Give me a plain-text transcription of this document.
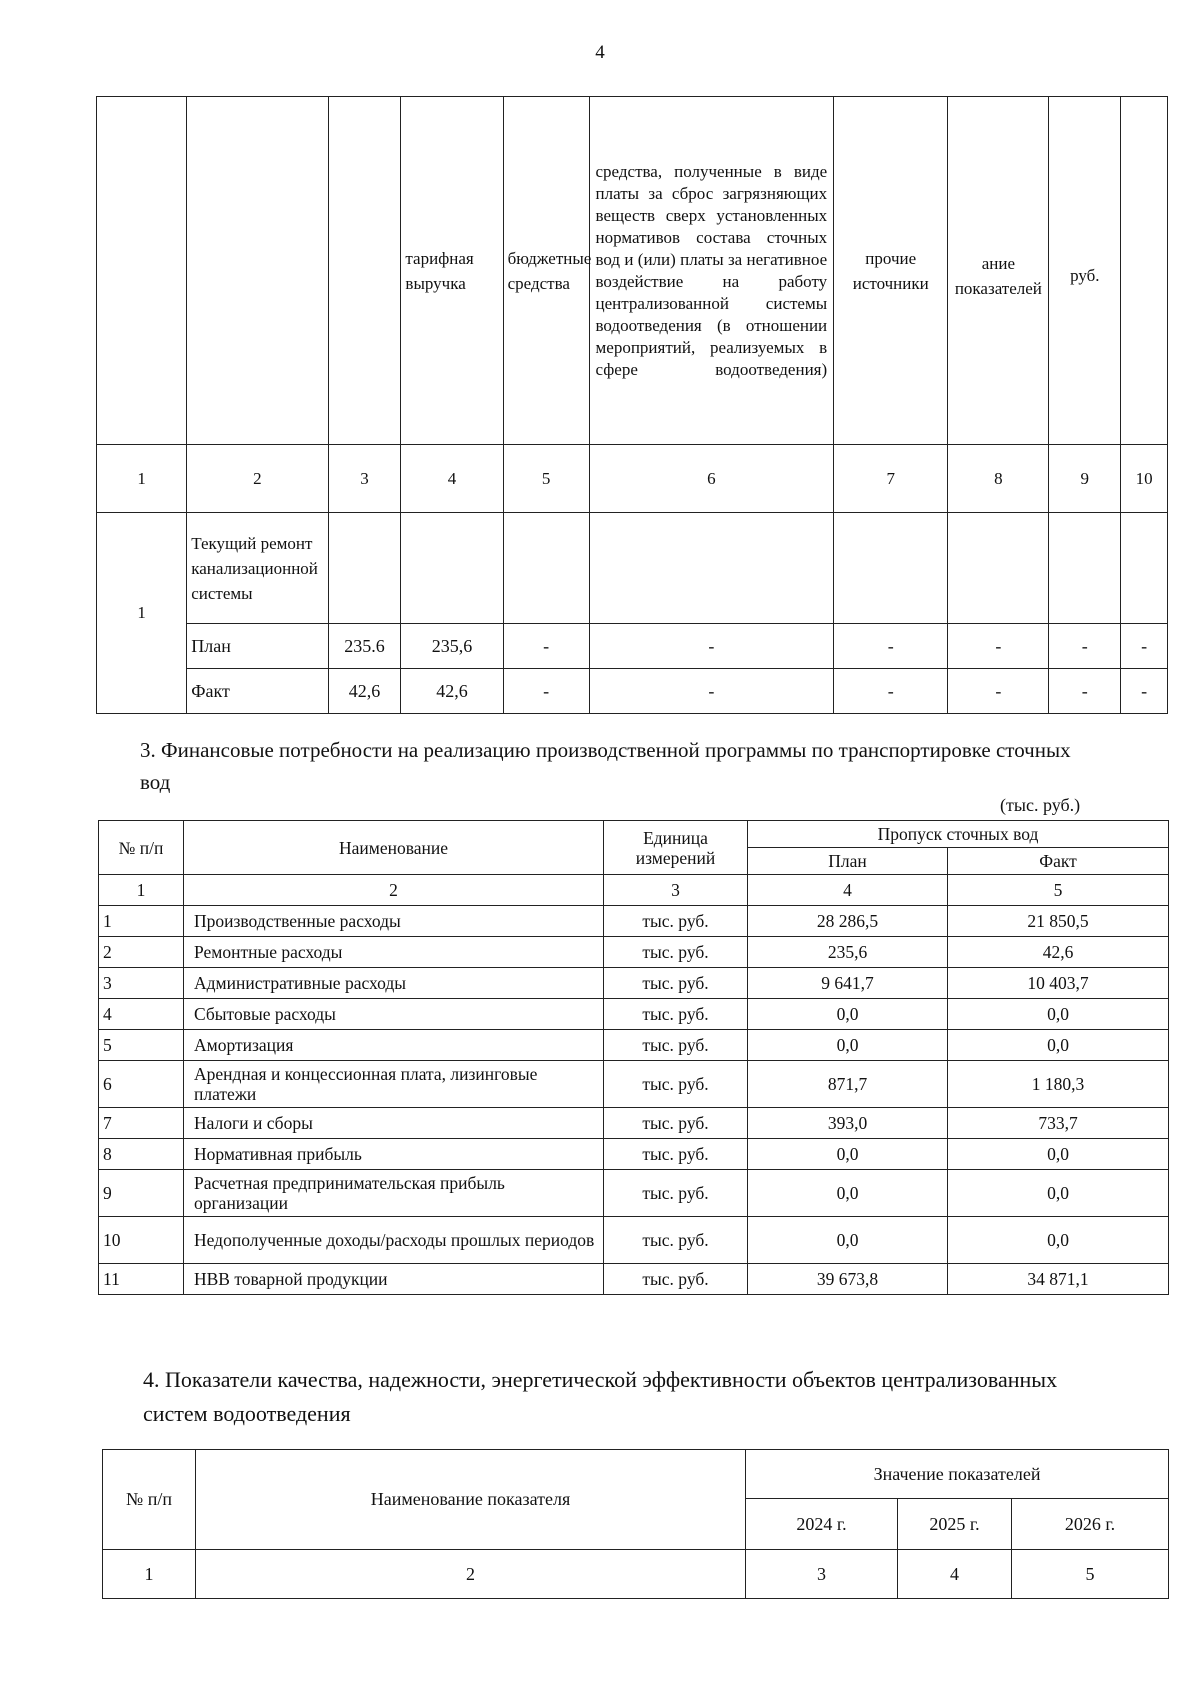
4
			тарифная выручка	бюджетные средства	средства, полученные в виде платы за сброс загрязняющих веществ сверх установленных нормативов состава сточных вод и (или) платы за негативное воздействие на работу централизованной системы водоотведения (в отношении мероприятий, реализуемых в сфере водоотведения)	прочие источники	ание показателей	руб.	
1	2	3	4	5	6	7	8	9	10
1	Текущий ремонт канализационной системы								
	План	235.6	235,6	-	-	-	-	-	-
	Факт	42,6	42,6	-	-	-	-	-	-
3. Финансовые потребности на реализацию производственной программы по транспортировке сточных вод
(тыс. руб.)
№ п/п	Наименование	Единица измерений	Пропуск сточных вод	
			План	Факт
1	2	3	4	5
1	Производственные расходы	тыс. руб.	28 286,5	21 850,5
2	Ремонтные расходы	тыс. руб.	235,6	42,6
3	Административные расходы	тыс. руб.	9 641,7	10 403,7
4	Сбытовые расходы	тыс. руб.	0,0	0,0
5	Амортизация	тыс. руб.	0,0	0,0
6	Арендная и концессионная плата, лизинговые платежи	тыс. руб.	871,7	1 180,3
7	Налоги и сборы	тыс. руб.	393,0	733,7
8	Нормативная прибыль	тыс. руб.	0,0	0,0
9	Расчетная предпринимательская прибыль организации	тыс. руб.	0,0	0,0
10	Недополученные доходы/расходы прошлых периодов	тыс. руб.	0,0	0,0
11	НВВ товарной продукции	тыс. руб.	39 673,8	34 871,1
4. Показатели качества, надежности, энергетической эффективности объектов централизованных систем водоотведения
№ п/п	Наименование показателя	Значение показателей		
		2024 г.	2025 г.	2026 г.
1	2	3	4	5
